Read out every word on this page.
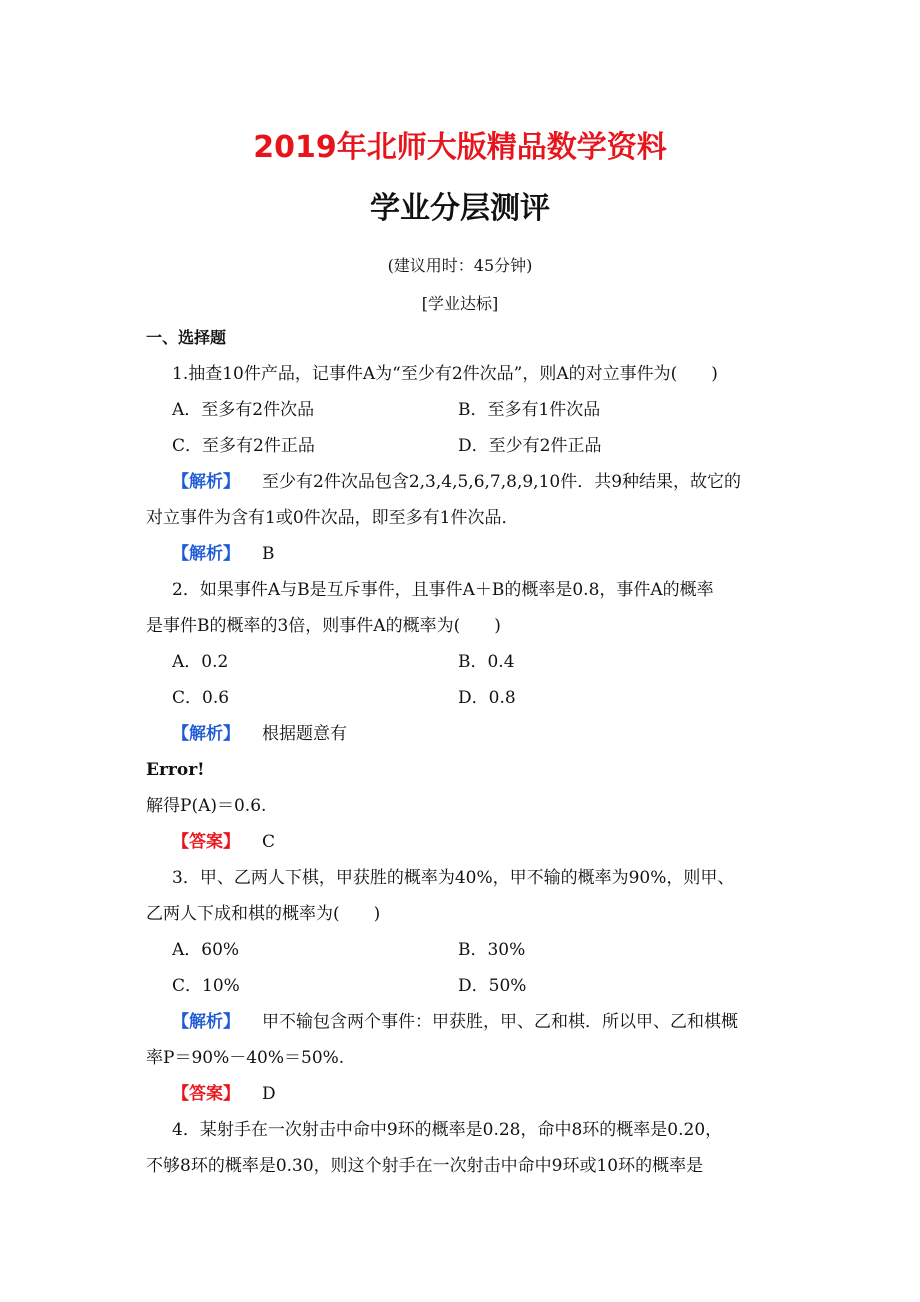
2019年北师大版精品数学资料
学业分层测评
(建议用时：45分钟)
[学业达标]
一、选择题
1.抽查10件产品，记事件A为“至少有2件次品”，则A的对立事件为(　　)
A．至多有2件次品	B．至多有1件次品
C．至多有2件正品	D．至少有2件正品
【解析】 至少有2件次品包含2,3,4,5,6,7,8,9,10件．共9种结果，故它的
对立事件为含有1或0件次品，即至多有1件次品．
【解析】 B
2．如果事件A与B是互斥事件，且事件A＋B的概率是0.8，事件A的概率
是事件B的概率的3倍，则事件A的概率为(　　)
A．0.2	B．0.4
C．0.6	D．0.8
【解析】 根据题意有
Error!
解得P(A)＝0.6.
【答案】 C
3．甲、乙两人下棋，甲获胜的概率为40%，甲不输的概率为90%，则甲、
乙两人下成和棋的概率为(　　)
A．60%	B．30%
C．10%	D．50%
【解析】 甲不输包含两个事件：甲获胜，甲、乙和棋．所以甲、乙和棋概
率P＝90%－40%＝50%.
【答案】 D
4．某射手在一次射击中命中9环的概率是0.28，命中8环的概率是0.20，
不够8环的概率是0.30，则这个射手在一次射击中命中9环或10环的概率是
